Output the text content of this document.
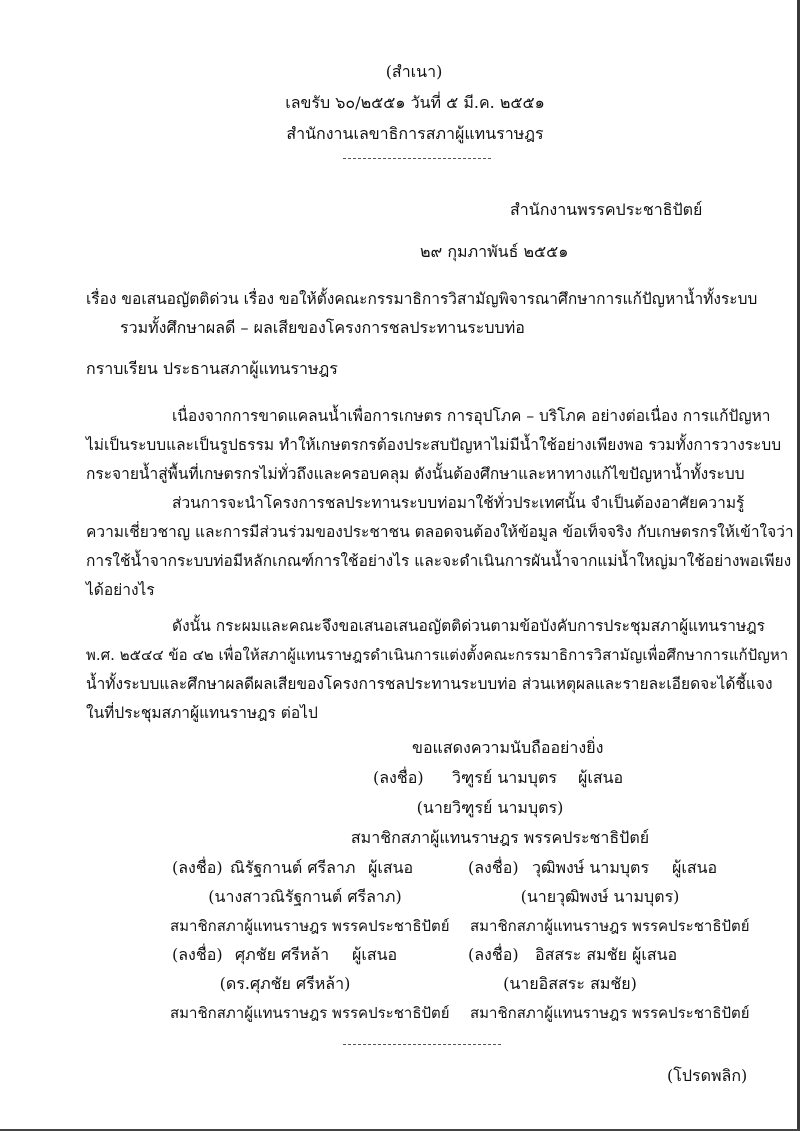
(สำเนา)
เลขรับ ๖๐/๒๕๕๑ วันที่ ๕ มี.ค. ๒๕๕๑
สำนักงานเลขาธิการสภาผู้แทนราษฎร
สำนักงานพรรคประชาธิปัตย์
๒๙ กุมภาพันธ์ ๒๕๕๑
เรื่อง ขอเสนอญัตติด่วน เรื่อง ขอให้ตั้งคณะกรรมาธิการวิสามัญพิจารณาศึกษาการแก้ปัญหาน้ำทั้งระบบ
รวมทั้งศึกษาผลดี – ผลเสียของโครงการชลประทานระบบท่อ
กราบเรียน ประธานสภาผู้แทนราษฎร
เนื่องจากการขาดแคลนน้ำเพื่อการเกษตร การอุปโภค – บริโภค อย่างต่อเนื่อง การแก้ปัญหา
ไม่เป็นระบบและเป็นรูปธรรม ทำให้เกษตรกรต้องประสบปัญหาไม่มีน้ำใช้อย่างเพียงพอ รวมทั้งการวางระบบ
กระจายน้ำสู่พื้นที่เกษตรกรไม่ทั่วถึงและครอบคลุม ดังนั้นต้องศึกษาและหาทางแก้ไขปัญหาน้ำทั้งระบบ
ส่วนการจะนำโครงการชลประทานระบบท่อมาใช้ทั่วประเทศนั้น จำเป็นต้องอาศัยความรู้
ความเชี่ยวชาญ และการมีส่วนร่วมของประชาชน ตลอดจนต้องให้ข้อมูล ข้อเท็จจริง กับเกษตรกรให้เข้าใจว่า
การใช้น้ำจากระบบท่อมีหลักเกณฑ์การใช้อย่างไร และจะดำเนินการผันน้ำจากแม่น้ำใหญ่มาใช้อย่างพอเพียง
ได้อย่างไร
ดังนั้น กระผมและคณะจึงขอเสนอเสนอญัตติด่วนตามข้อบังคับการประชุมสภาผู้แทนราษฎร
พ.ศ. ๒๕๔๔ ข้อ ๔๒ เพื่อให้สภาผู้แทนราษฎรดำเนินการแต่งตั้งคณะกรรมาธิการวิสามัญเพื่อศึกษาการแก้ปัญหา
น้ำทั้งระบบและศึกษาผลดีผลเสียของโครงการชลประทานระบบท่อ ส่วนเหตุผลและรายละเอียดจะได้ชี้แจง
ในที่ประชุมสภาผู้แทนราษฎร ต่อไป
ขอแสดงความนับถืออย่างยิ่ง
(ลงชื่อ) วิฑูรย์ นามบุตร ผู้เสนอ
(นายวิฑูรย์ นามบุตร)
สมาชิกสภาผู้แทนราษฎร พรรคประชาธิปัตย์
(ลงชื่อ) ณิรัฐกานต์ ศรีลาภ ผู้เสนอ
(นางสาวณิรัฐกานต์ ศรีลาภ)
สมาชิกสภาผู้แทนราษฎร พรรคประชาธิปัตย์
(ลงชื่อ) วุฒิพงษ์ นามบุตร ผู้เสนอ
(นายวุฒิพงษ์ นามบุตร)
สมาชิกสภาผู้แทนราษฎร พรรคประชาธิปัตย์
(ลงชื่อ) ศุภชัย ศรีหล้า ผู้เสนอ
(ดร.ศุภชัย ศรีหล้า)
สมาชิกสภาผู้แทนราษฎร พรรคประชาธิปัตย์
(ลงชื่อ) อิสสระ สมชัย ผู้เสนอ
(นายอิสสระ สมชัย)
สมาชิกสภาผู้แทนราษฎร พรรคประชาธิปัตย์
(โปรดพลิก)
